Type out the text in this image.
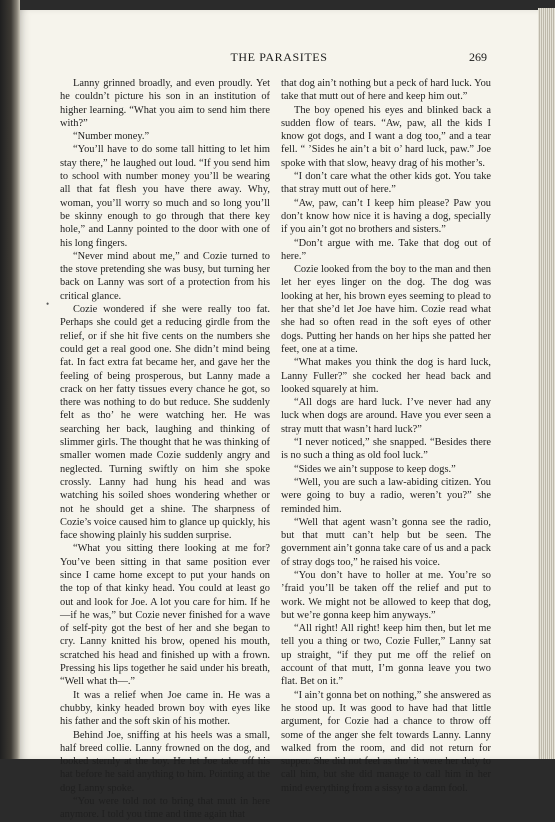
THE PARASITES	269
•

Lanny grinned broadly, and even proudly. Yet he couldn’t picture his son in an institution of higher learning. “What you aim to send him there with?”

“Number money.”

“You’ll have to do some tall hitting to let him stay there,” he laughed out loud. “If you send him to school with number money you’ll be wearing all that fat flesh you have there away. Why, woman, you’ll worry so much and so long you’ll be skinny enough to go through that there key hole,” and Lanny pointed to the door with one of his long fingers.

“Never mind about me,” and Cozie turned to the stove pretending she was busy, but turning her back on Lanny was sort of a protection from his critical glance.

Cozie wondered if she were really too fat. Perhaps she could get a reducing girdle from the relief, or if she hit five cents on the numbers she could get a real good one. She didn’t mind being fat. In fact extra fat became her, and gave her the feeling of being prosperous, but Lanny made a crack on her fatty tissues every chance he got, so there was nothing to do but reduce. She suddenly felt as tho’ he were watching her. He was searching her back, laughing and thinking of slimmer girls. The thought that he was thinking of smaller women made Cozie suddenly angry and neglected. Turning swiftly on him she spoke crossly. Lanny had hung his head and was watching his soiled shoes wondering whether or not he should get a shine. The sharpness of Cozie’s voice caused him to glance up quickly, his face showing plainly his sudden surprise.

“What you sitting there looking at me for? You’ve been sitting in that same position ever since I came home except to put your hands on the top of that kinky head. You could at least go out and look for Joe. A lot you care for him. If he—if he was,” but Cozie never finished for a wave of self-pity got the best of her and she began to cry. Lanny knitted his brow, opened his mouth, scratched his head and finished up with a frown. Pressing his lips together he said under his breath, “Well what th—.”

It was a relief when Joe came in. He was a chubby, kinky headed brown boy with eyes like his father and the soft skin of his mother.

Behind Joe, sniffing at his heels was a small, half breed collie. Lanny frowned on the dog, and looked sternly at the boy. He let Joe take off his hat before he said anything to him. Pointing at the dog Lanny spoke.

“You were told not to bring that mutt in here anymore. I told you time and time again that

that dog ain’t nothing but a peck of hard luck. You take that mutt out of here and keep him out.”

The boy opened his eyes and blinked back a sudden flow of tears. “Aw, paw, all the kids I know got dogs, and I want a dog too,” and a tear fell. “ ’Sides he ain’t a bit o’ hard luck, paw.” Joe spoke with that slow, heavy drag of his mother’s.

“I don’t care what the other kids got. You take that stray mutt out of here.”

“Aw, paw, can’t I keep him please? Paw you don’t know how nice it is having a dog, specially if you ain’t got no brothers and sisters.”

“Don’t argue with me. Take that dog out of here.”

Cozie looked from the boy to the man and then let her eyes linger on the dog. The dog was looking at her, his brown eyes seeming to plead to her that she’d let Joe have him. Cozie read what she had so often read in the soft eyes of other dogs. Putting her hands on her hips she patted her feet, one at a time.

“What makes you think the dog is hard luck, Lanny Fuller?” she cocked her head back and looked squarely at him.

“All dogs are hard luck. I’ve never had any luck when dogs are around. Have you ever seen a stray mutt that wasn’t hard luck?”

“I never noticed,” she snapped. “Besides there is no such a thing as old fool luck.”

“Sides we ain’t suppose to keep dogs.”

“Well, you are such a law-abiding citizen. You were going to buy a radio, weren’t you?” she reminded him.

“Well that agent wasn’t gonna see the radio, but that mutt can’t help but be seen. The government ain’t gonna take care of us and a pack of stray dogs too,” he raised his voice.

“You don’t have to holler at me. You’re so ’fraid you’ll be taken off the relief and put to work. We might not be allowed to keep that dog, but we’re gonna keep him anyways.”

“All right! All right! keep him then, but let me tell you a thing or two, Cozie Fuller,” Lanny sat up straight, “if they put me off the relief on account of that mutt, I’m gonna leave you two flat. Bet on it.”

“I ain’t gonna bet on nothing,” she answered as he stood up. It was good to have had that little argument, for Cozie had a chance to throw off some of the anger she felt towards Lanny. Lanny walked from the room, and did not return for supper. She did not feel as tho’ it were her duty to call him, but she did manage to call him in her mind everything from a sissy to a damn fool.
